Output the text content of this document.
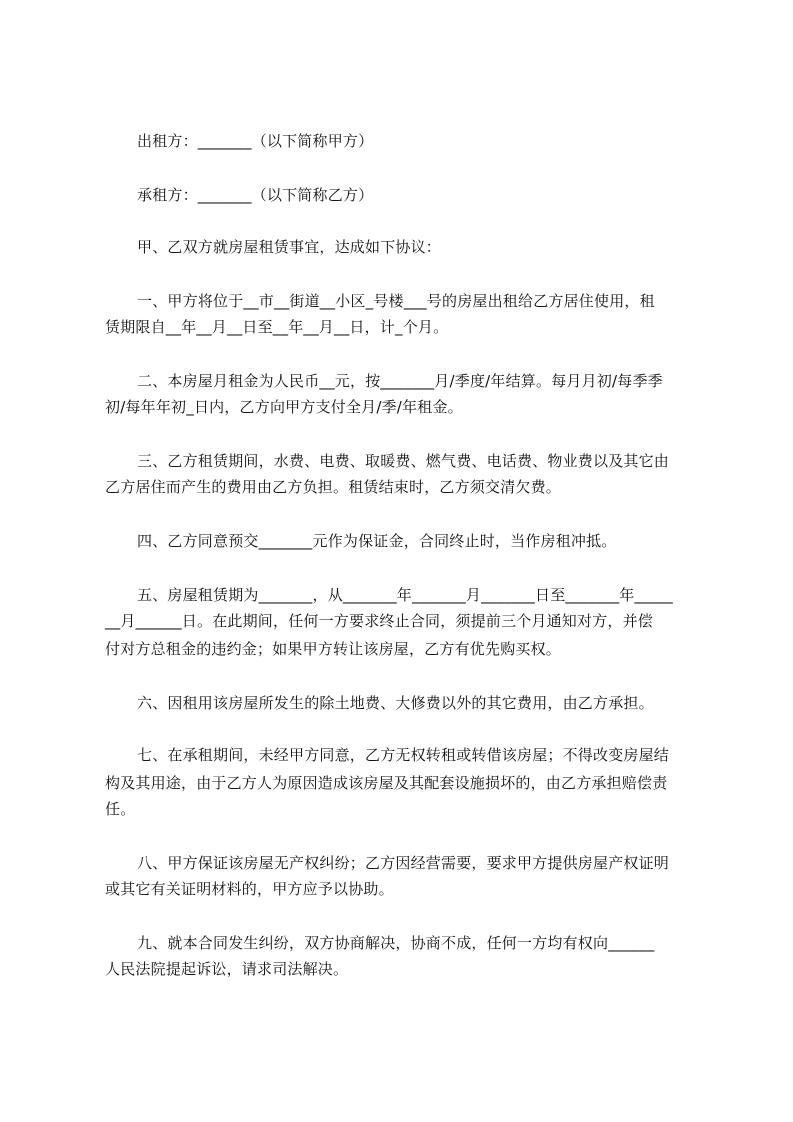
出租方：_______（以下简称甲方）
承租方：_______（以下简称乙方）
甲、乙双方就房屋租赁事宜，达成如下协议：
一、甲方将位于__市__街道__小区_号楼___号的房屋出租给乙方居住使用，租
赁期限自__年__月__日至__年__月__日，计_个月。
二、本房屋月租金为人民币__元，按_______月/季度/年结算。每月月初/每季季
初/每年年初_日内，乙方向甲方支付全月/季/年租金。
三、乙方租赁期间，水费、电费、取暖费、燃气费、电话费、物业费以及其它由
乙方居住而产生的费用由乙方负担。租赁结束时，乙方须交清欠费。
四、乙方同意预交_______元作为保证金，合同终止时，当作房租冲抵。
五、房屋租赁期为_______，从_______年_______月_______日至_______年_____
__月______日。在此期间，任何一方要求终止合同，须提前三个月通知对方，并偿
付对方总租金的违约金；如果甲方转让该房屋，乙方有优先购买权。
六、因租用该房屋所发生的除土地费、大修费以外的其它费用，由乙方承担。
七、在承租期间，未经甲方同意，乙方无权转租或转借该房屋；不得改变房屋结
构及其用途，由于乙方人为原因造成该房屋及其配套设施损坏的，由乙方承担赔偿责
任。
八、甲方保证该房屋无产权纠纷；乙方因经营需要，要求甲方提供房屋产权证明
或其它有关证明材料的，甲方应予以协助。
九、就本合同发生纠纷，双方协商解决，协商不成，任何一方均有权向______
人民法院提起诉讼，请求司法解决。
